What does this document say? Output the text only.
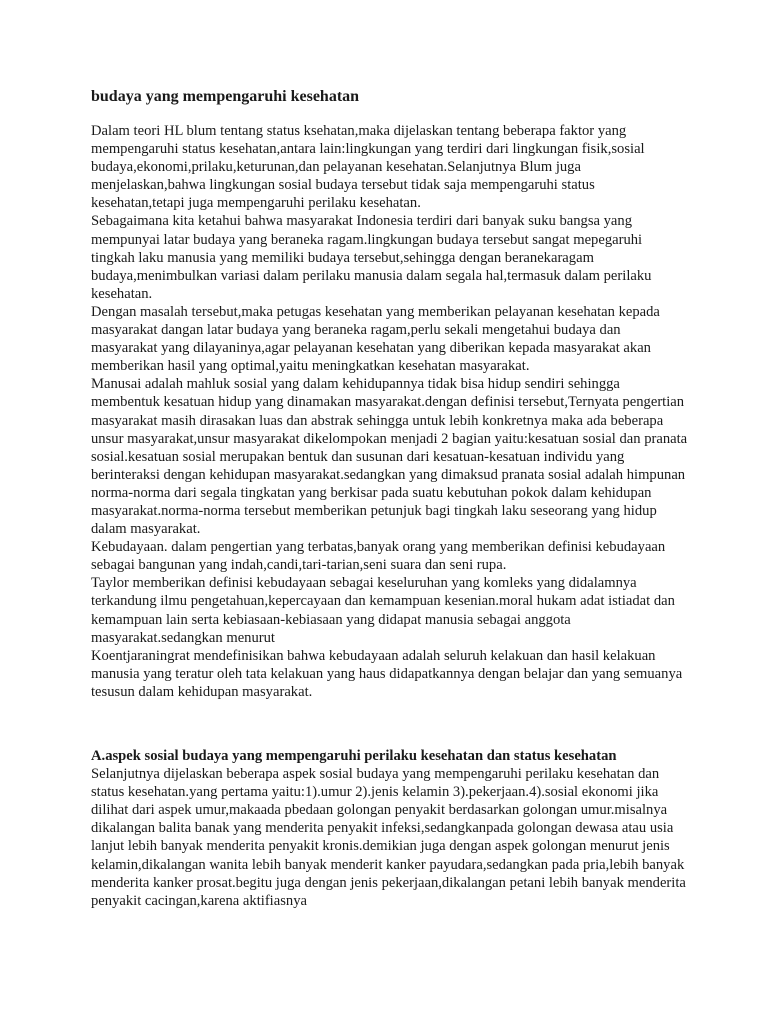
budaya yang mempengaruhi kesehatan

Dalam teori HL blum tentang status ksehatan,maka dijelaskan tentang beberapa faktor yang mempengaruhi status kesehatan,antara lain:lingkungan yang terdiri dari lingkungan fisik,sosial budaya,ekonomi,prilaku,keturunan,dan pelayanan kesehatan.Selanjutnya Blum juga menjelaskan,bahwa lingkungan sosial budaya tersebut tidak saja mempengaruhi status kesehatan,tetapi juga mempengaruhi perilaku kesehatan.

Sebagaimana kita ketahui bahwa masyarakat Indonesia terdiri dari banyak suku bangsa yang mempunyai latar budaya yang beraneka ragam.lingkungan budaya tersebut sangat mepegaruhi tingkah laku manusia yang memiliki budaya tersebut,sehingga dengan beranekaragam budaya,menimbulkan variasi dalam perilaku manusia dalam segala hal,termasuk dalam perilaku kesehatan.

Dengan masalah tersebut,maka petugas kesehatan yang memberikan pelayanan kesehatan kepada masyarakat dangan latar budaya yang beraneka ragam,perlu sekali mengetahui budaya dan masyarakat yang dilayaninya,agar pelayanan kesehatan yang diberikan kepada masyarakat akan memberikan hasil yang optimal,yaitu meningkatkan kesehatan masyarakat.

Manusai adalah mahluk sosial yang dalam kehidupannya tidak bisa hidup sendiri sehingga membentuk kesatuan hidup yang dinamakan masyarakat.dengan definisi tersebut,Ternyata pengertian masyarakat masih dirasakan luas dan abstrak sehingga untuk lebih konkretnya maka ada beberapa unsur masyarakat,unsur masyarakat dikelompokan menjadi 2 bagian yaitu:kesatuan sosial dan pranata sosial.kesatuan sosial merupakan bentuk dan susunan dari kesatuan-kesatuan individu yang berinteraksi dengan kehidupan masyarakat.sedangkan yang dimaksud pranata sosial adalah himpunan norma-norma dari segala tingkatan yang berkisar pada suatu kebutuhan pokok dalam kehidupan masyarakat.norma-norma tersebut memberikan petunjuk bagi tingkah laku seseorang yang hidup dalam masyarakat.

Kebudayaan. dalam pengertian yang terbatas,banyak orang yang memberikan definisi kebudayaan sebagai bangunan yang indah,candi,tari-tarian,seni suara dan seni rupa.

Taylor memberikan definisi kebudayaan sebagai keseluruhan yang komleks yang didalamnya terkandung ilmu pengetahuan,kepercayaan dan kemampuan kesenian.moral hukam adat istiadat dan kemampuan lain serta kebiasaan-kebiasaan yang didapat manusia sebagai anggota masyarakat.sedangkan menurut

Koentjaraningrat mendefinisikan bahwa kebudayaan adalah seluruh kelakuan dan hasil kelakuan manusia yang teratur oleh tata kelakuan yang haus didapatkannya dengan belajar dan yang semuanya tesusun dalam kehidupan masyarakat.

A.aspek sosial budaya yang mempengaruhi perilaku kesehatan dan status kesehatan

Selanjutnya dijelaskan beberapa aspek sosial budaya yang mempengaruhi perilaku kesehatan dan status kesehatan.yang pertama yaitu:1).umur 2).jenis kelamin 3).pekerjaan.4).sosial ekonomi jika dilihat dari aspek umur,makaada pbedaan golongan penyakit berdasarkan golongan umur.misalnya dikalangan balita banak yang menderita penyakit infeksi,sedangkanpada golongan dewasa atau usia lanjut lebih banyak menderita penyakit kronis.demikian juga dengan aspek golongan menurut jenis kelamin,dikalangan wanita lebih banyak menderit kanker payudara,sedangkan pada pria,lebih banyak menderita kanker prosat.begitu juga dengan jenis pekerjaan,dikalangan petani lebih banyak menderita penyakit cacingan,karena aktifiasnya
